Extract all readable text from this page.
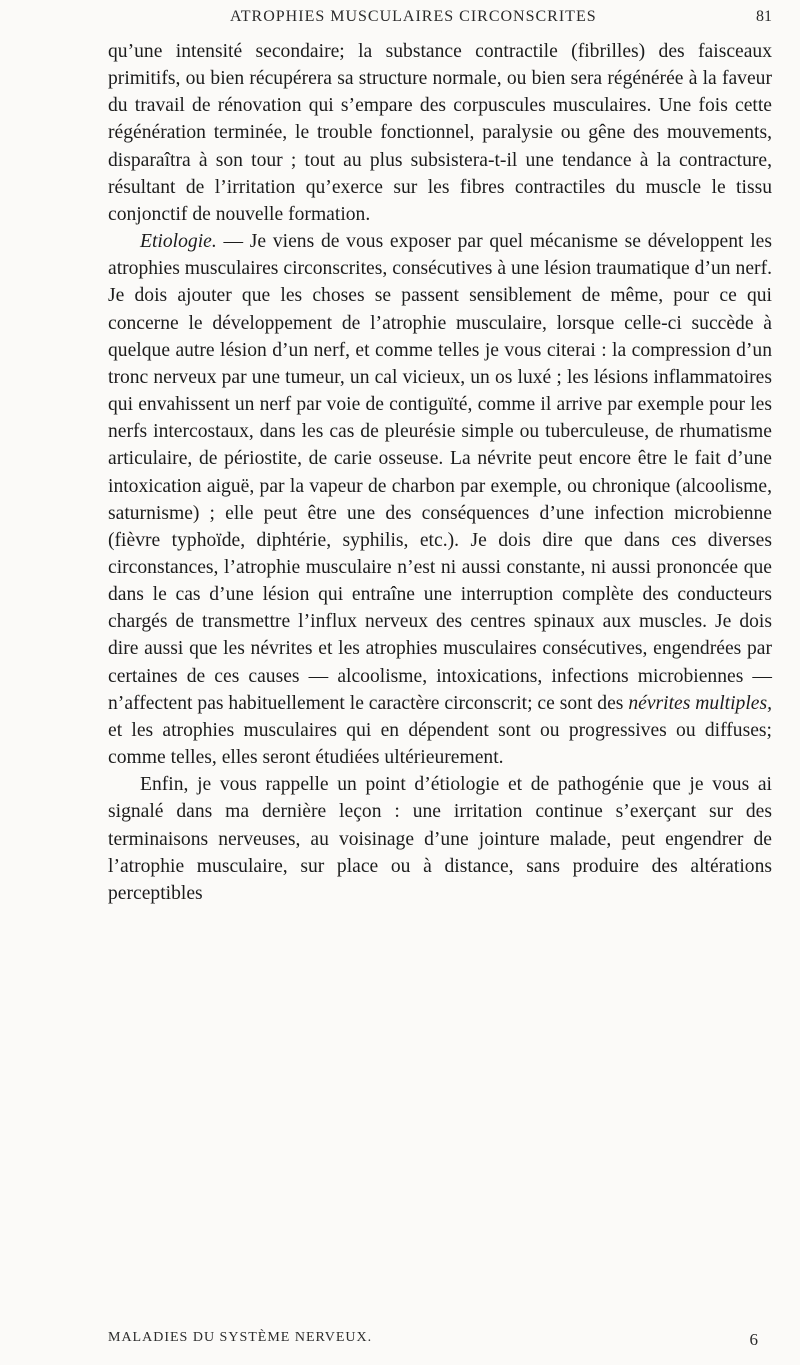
ATROPHIES MUSCULAIRES CIRCONSCRITES	81

qu’une intensité secondaire; la substance contractile (fibrilles) des faisceaux primitifs, ou bien récupérera sa structure normale, ou bien sera régénérée à la faveur du travail de rénovation qui s’empare des corpuscules musculaires. Une fois cette régénération terminée, le trouble fonctionnel, paralysie ou gêne des mouvements, disparaîtra à son tour ; tout au plus subsistera-t-il une tendance à la contracture, résultant de l’irritation qu’exerce sur les fibres contractiles du muscle le tissu conjonctif de nouvelle formation.

Etiologie. — Je viens de vous exposer par quel mécanisme se développent les atrophies musculaires circonscrites, consécutives à une lésion traumatique d’un nerf. Je dois ajouter que les choses se passent sensiblement de même, pour ce qui concerne le développement de l’atrophie musculaire, lorsque celle-ci succède à quelque autre lésion d’un nerf, et comme telles je vous citerai : la compression d’un tronc nerveux par une tumeur, un cal vicieux, un os luxé ; les lésions inflammatoires qui envahissent un nerf par voie de contiguïté, comme il arrive par exemple pour les nerfs intercostaux, dans les cas de pleurésie simple ou tuberculeuse, de rhumatisme articulaire, de périostite, de carie osseuse. La névrite peut encore être le fait d’une intoxication aiguë, par la vapeur de charbon par exemple, ou chronique (alcoolisme, saturnisme) ; elle peut être une des conséquences d’une infection microbienne (fièvre typhoïde, diphtérie, syphilis, etc.). Je dois dire que dans ces diverses circonstances, l’atrophie musculaire n’est ni aussi constante, ni aussi prononcée que dans le cas d’une lésion qui entraîne une interruption complète des conducteurs chargés de transmettre l’influx nerveux des centres spinaux aux muscles. Je dois dire aussi que les névrites et les atrophies musculaires consécutives, engendrées par certaines de ces causes — alcoolisme, intoxications, infections microbiennes — n’affectent pas habituellement le caractère circonscrit; ce sont des névrites multiples, et les atrophies musculaires qui en dépendent sont ou progressives ou diffuses; comme telles, elles seront étudiées ultérieurement.

Enfin, je vous rappelle un point d’étiologie et de pathogénie que je vous ai signalé dans ma dernière leçon : une irritation continue s’exerçant sur des terminaisons nerveuses, au voisinage d’une jointure malade, peut engendrer de l’atrophie musculaire, sur place ou à distance, sans produire des altérations perceptibles

MALADIES DU SYSTÈME NERVEUX.	6
